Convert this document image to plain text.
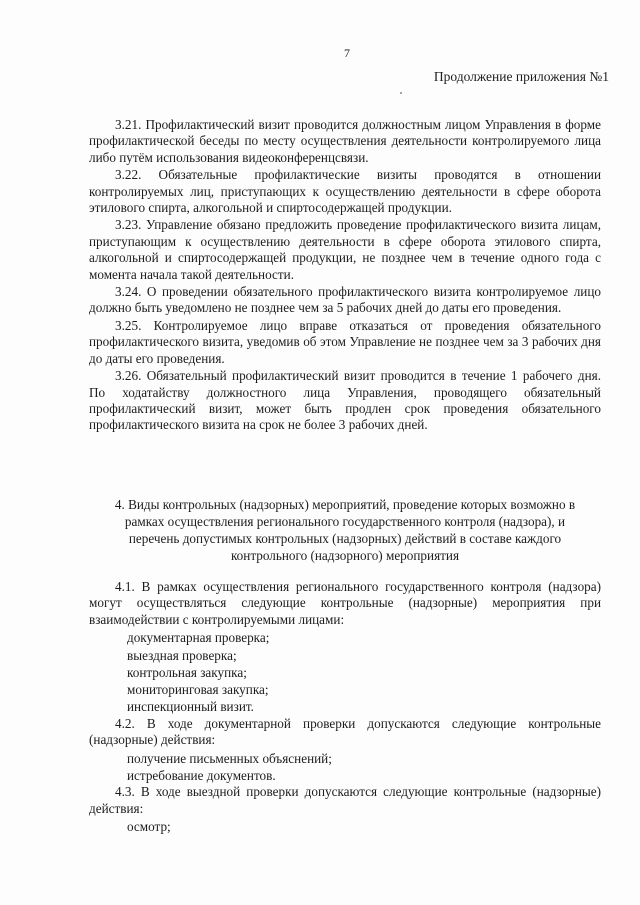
7
Продолжение приложения №1

3.21. Профилактический визит проводится должностным лицом Управления в форме профилактической беседы по месту осуществления деятельности контролируемого лица либо путём использования видеоконференцсвязи.

3.22. Обязательные профилактические визиты проводятся в отношении контролируемых лиц, приступающих к осуществлению деятельности в сфере оборота этилового спирта, алкогольной и спиртосодержащей продукции.

3.23. Управление обязано предложить проведение профилактического визита лицам, приступающим к осуществлению деятельности в сфере оборота этилового спирта, алкогольной и спиртосодержащей продукции, не позднее чем в течение одного года с момента начала такой деятельности.

3.24. О проведении обязательного профилактического визита контролируемое лицо должно быть уведомлено не позднее чем за 5 рабочих дней до даты его проведения.

3.25. Контролируемое лицо вправе отказаться от проведения обязательного профилактического визита, уведомив об этом Управление не позднее чем за 3 рабочих дня до даты его проведения.

3.26. Обязательный профилактический визит проводится в течение 1 рабочего дня. По ходатайству должностного лица Управления, проводящего обязательный профилактический визит, может быть продлен срок проведения обязательного профилактического визита на срок не более 3 рабочих дней.

4. Виды контрольных (надзорных) мероприятий, проведение которых возможно в рамках осуществления регионального государственного контроля (надзора), и перечень допустимых контрольных (надзорных) действий в составе каждого контрольного (надзорного) мероприятия

4.1. В рамках осуществления регионального государственного контроля (надзора) могут осуществляться следующие контрольные (надзорные) мероприятия при взаимодействии с контролируемыми лицами:

документарная проверка;

выездная проверка;

контрольная закупка;

мониторинговая закупка;

инспекционный визит.

4.2. В ходе документарной проверки допускаются следующие контрольные (надзорные) действия:

получение письменных объяснений;

истребование документов.

4.3. В ходе выездной проверки допускаются следующие контрольные (надзорные) действия:

осмотр;
